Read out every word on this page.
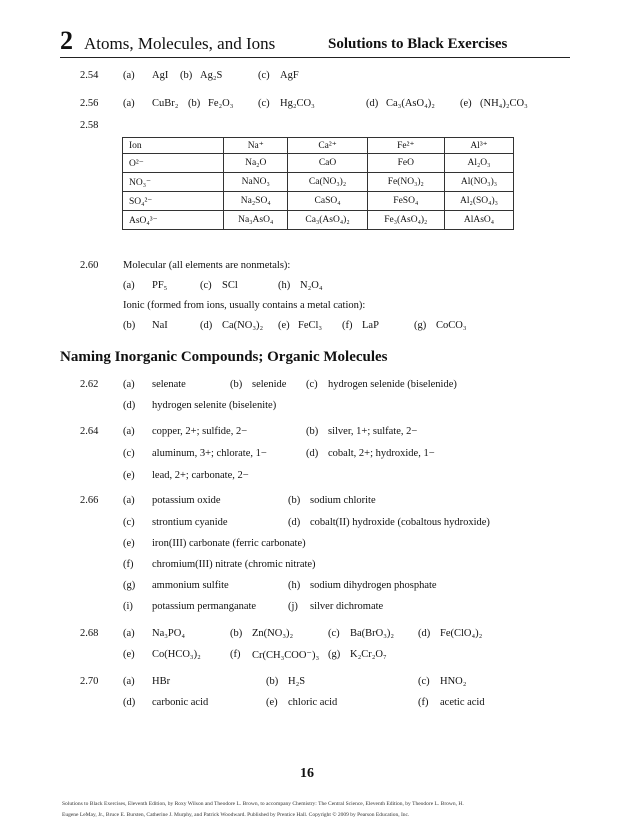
2 Atoms, Molecules, and Ions	Solutions to Black Exercises
2.54 (a) AgI (b) Ag₂S	(c) AgF
2.56 (a) CuBr₂ (b) Fe₂O₃ (c) Hg₂CO₃	(d) Ca₃(AsO₄)₂ (e) (NH₄)₂CO₃
2.58
Ion	Na⁺	Ca²⁺	Fe²⁺	Al³⁺
O²⁻	Na₂O	CaO	FeO	Al₂O₃
NO₃⁻	NaNO₃	Ca(NO₃)₂	Fe(NO₃)₂	Al(NO₃)₃
SO₄²⁻	Na₂SO₄	CaSO₄	FeSO₄	Al₂(SO₄)₃
AsO₄³⁻	Na₃AsO₄	Ca₃(AsO₄)₂	Fe₃(AsO₄)₂	AlAsO₄
2.60 Molecular (all elements are nonmetals):
(a) PF₅	(c) SCl	(h) N₂O₄
Ionic (formed from ions, usually contains a metal cation):
(b) NaI	(d) Ca(NO₃)₂ (e) FeCl₃ (f) LaP	(g) CoCO₃
Naming Inorganic Compounds; Organic Molecules
2.62 (a) selenate	(b) selenide (c) hydrogen selenide (biselenide)
(d) hydrogen selenite (biselenite)
2.64 (a) copper, 2+; sulfide, 2−	(b) silver, 1+; sulfate, 2−
(c) aluminum, 3+; chlorate, 1−	(d) cobalt, 2+; hydroxide, 1−
(e) lead, 2+; carbonate, 2−
2.66 (a) potassium oxide	(b) sodium chlorite
(c) strontium cyanide	(d) cobalt(II) hydroxide (cobaltous hydroxide)
(e) iron(III) carbonate (ferric carbonate)
(f) chromium(III) nitrate (chromic nitrate)
(g) ammonium sulfite	(h) sodium dihydrogen phosphate
(i) potassium permanganate	(j) silver dichromate
2.68 (a) Na₃PO₄	(b) Zn(NO₃)₂	(c) Ba(BrO₃)₂ (d) Fe(ClO₄)₂
(e) Co(HCO₃)₂	(f) Cr(CH₃COO⁻)₃ (g) K₂Cr₂O₇
2.70 (a) HBr	(b) H₂S	(c) HNO₂
(d) carbonic acid	(e) chloric acid	(f) acetic acid
16
Solutions to Black Exercises, Eleventh Edition, by Roxy Wilson and Theodore L. Brown, to accompany Chemistry: The Central Science, Eleventh Edition, by Theodore L. Brown, H.
Eugene LeMay, Jr., Bruce E. Bursten, Catherine J. Murphy, and Patrick Woodward. Published by Prentice Hall. Copyright © 2009 by Pearson Education, Inc.
